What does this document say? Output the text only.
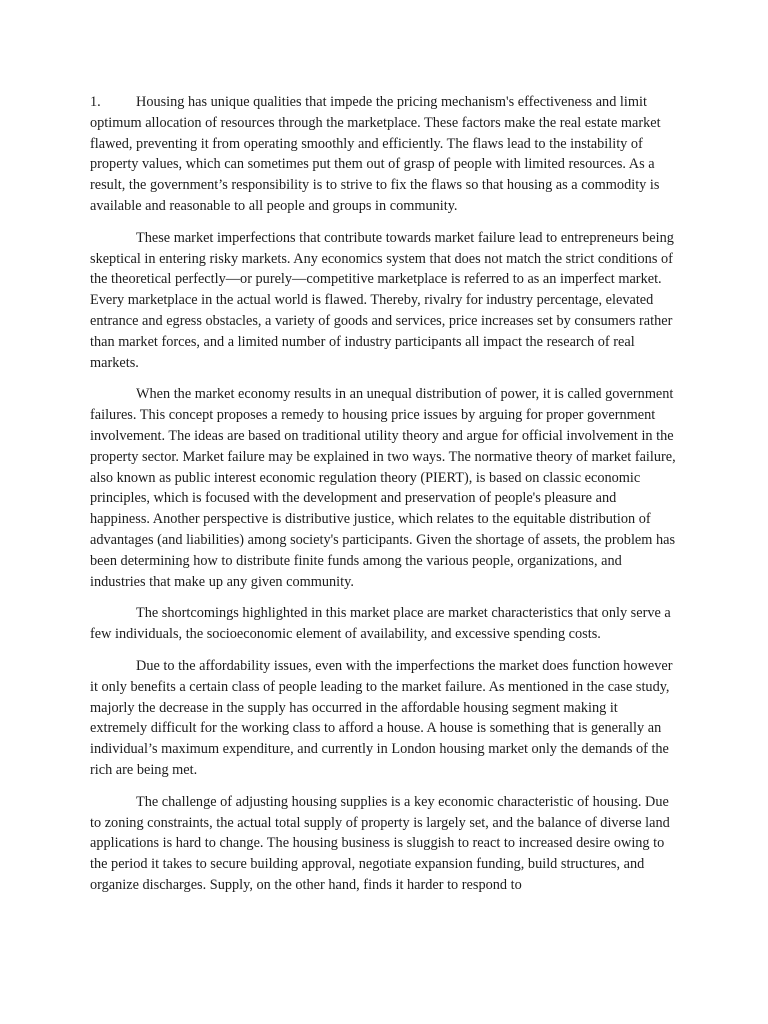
1. Housing has unique qualities that impede the pricing mechanism's effectiveness and limit optimum allocation of resources through the marketplace. These factors make the real estate market flawed, preventing it from operating smoothly and efficiently. The flaws lead to the instability of property values, which can sometimes put them out of grasp of people with limited resources. As a result, the government’s responsibility is to strive to fix the flaws so that housing as a commodity is available and reasonable to all people and groups in community.

These market imperfections that contribute towards market failure lead to entrepreneurs being skeptical in entering risky markets. Any economics system that does not match the strict conditions of the theoretical perfectly—or purely—competitive marketplace is referred to as an imperfect market. Every marketplace in the actual world is flawed. Thereby, rivalry for industry percentage, elevated entrance and egress obstacles, a variety of goods and services, price increases set by consumers rather than market forces, and a limited number of industry participants all impact the research of real markets.

When the market economy results in an unequal distribution of power, it is called government failures. This concept proposes a remedy to housing price issues by arguing for proper government involvement. The ideas are based on traditional utility theory and argue for official involvement in the property sector. Market failure may be explained in two ways. The normative theory of market failure, also known as public interest economic regulation theory (PIERT), is based on classic economic principles, which is focused with the development and preservation of people's pleasure and happiness. Another perspective is distributive justice, which relates to the equitable distribution of advantages (and liabilities) among society's participants. Given the shortage of assets, the problem has been determining how to distribute finite funds among the various people, organizations, and industries that make up any given community.

The shortcomings highlighted in this market place are market characteristics that only serve a few individuals, the socioeconomic element of availability, and excessive spending costs.

Due to the affordability issues, even with the imperfections the market does function however it only benefits a certain class of people leading to the market failure. As mentioned in the case study, majorly the decrease in the supply has occurred in the affordable housing segment making it extremely difficult for the working class to afford a house. A house is something that is generally an individual’s maximum expenditure, and currently in London housing market only the demands of the rich are being met.

The challenge of adjusting housing supplies is a key economic characteristic of housing. Due to zoning constraints, the actual total supply of property is largely set, and the balance of diverse land applications is hard to change. The housing business is sluggish to react to increased desire owing to the period it takes to secure building approval, negotiate expansion funding, build structures, and organize discharges. Supply, on the other hand, finds it harder to respond to
